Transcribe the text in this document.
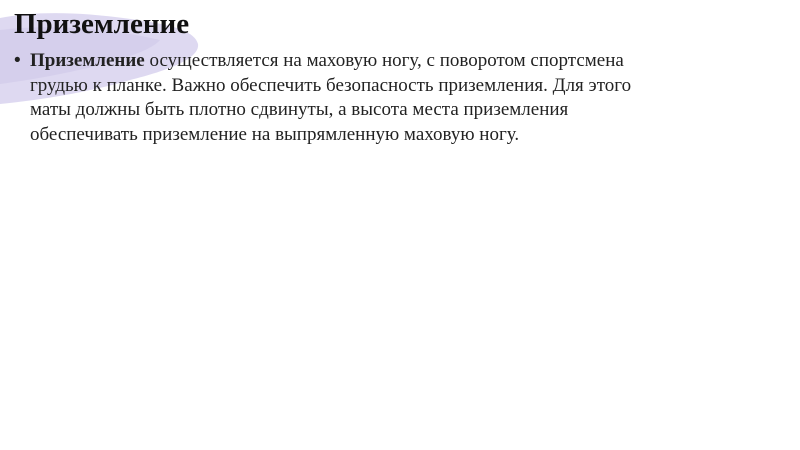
Приземление
• Приземление осуществляется на маховую ногу, с поворотом спортсмена
грудью к планке. Важно обеспечить безопасность приземления. Для этого
маты должны быть плотно сдвинуты, а высота места приземления
обеспечивать приземление на выпрямленную маховую ногу.
